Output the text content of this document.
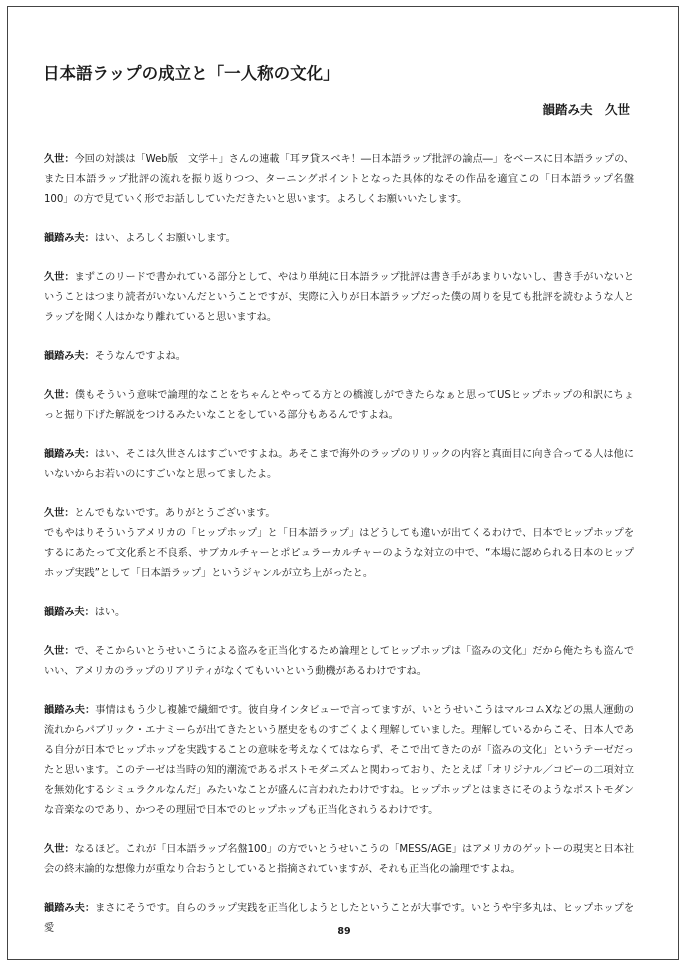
日本語ラップの成立と「一人称の文化」
韻踏み夫　久世

久世：今回の対談は「Web版　文学＋」さんの連載「耳ヲ貸スベキ！―日本語ラップ批評の論点―」をベースに日本語ラップの、また日本語ラップ批評の流れを振り返りつつ、ターニングポイントとなった具体的なその作品を適宜この「日本語ラップ名盤100」の方で見ていく形でお話ししていただきたいと思います。よろしくお願いいたします。

韻踏み夫：はい、よろしくお願いします。

久世：まずこのリードで書かれている部分として、やはり単純に日本語ラップ批評は書き手があまりいないし、書き手がいないということはつまり読者がいないんだということですが、実際に入りが日本語ラップだった僕の周りを見ても批評を読むような人とラップを聞く人はかなり離れていると思いますね。

韻踏み夫：そうなんですよね。

久世：僕もそういう意味で論理的なことをちゃんとやってる方との橋渡しができたらなぁと思ってUSヒップホップの和訳にちょっと掘り下げた解説をつけるみたいなことをしている部分もあるんですよね。

韻踏み夫：はい、そこは久世さんはすごいですよね。あそこまで海外のラップのリリックの内容と真面目に向き合ってる人は他にいないからお若いのにすごいなと思ってましたよ。

久世：とんでもないです。ありがとうございます。
でもやはりそういうアメリカの「ヒップホップ」と「日本語ラップ」はどうしても違いが出てくるわけで、日本でヒップホップをするにあたって文化系と不良系、サブカルチャーとポピュラーカルチャーのような対立の中で、“本場に認められる日本のヒップホップ実践”として「日本語ラップ」というジャンルが立ち上がったと。

韻踏み夫：はい。

久世：で、そこからいとうせいこうによる盗みを正当化するため論理としてヒップホップは「盗みの文化」だから俺たちも盗んでいい、アメリカのラップのリアリティがなくてもいいという動機があるわけですね。

韻踏み夫：事情はもう少し複雑で繊細です。彼自身インタビューで言ってますが、いとうせいこうはマルコムXなどの黒人運動の流れからパブリック・エナミーらが出てきたという歴史をものすごくよく理解していました。理解しているからこそ、日本人である自分が日本でヒップホップを実践することの意味を考えなくてはならず、そこで出てきたのが「盗みの文化」というテーゼだったと思います。このテーゼは当時の知的潮流であるポストモダニズムと関わっており、たとえば「オリジナル／コピーの二項対立を無効化するシミュラクルなんだ」みたいなことが盛んに言われたわけですね。ヒップホップとはまさにそのようなポストモダンな音楽なのであり、かつその理屈で日本でのヒップホップも正当化されうるわけです。

久世：なるほど。これが「日本語ラップ名盤100」の方でいとうせいこうの「MESS/AGE」はアメリカのゲットーの現実と日本社会の終末論的な想像力が重なり合おうとしていると指摘されていますが、それも正当化の論理ですよね。

韻踏み夫：まさにそうです。自らのラップ実践を正当化しようとしたということが大事です。いとうや宇多丸は、ヒップホップを愛	89
